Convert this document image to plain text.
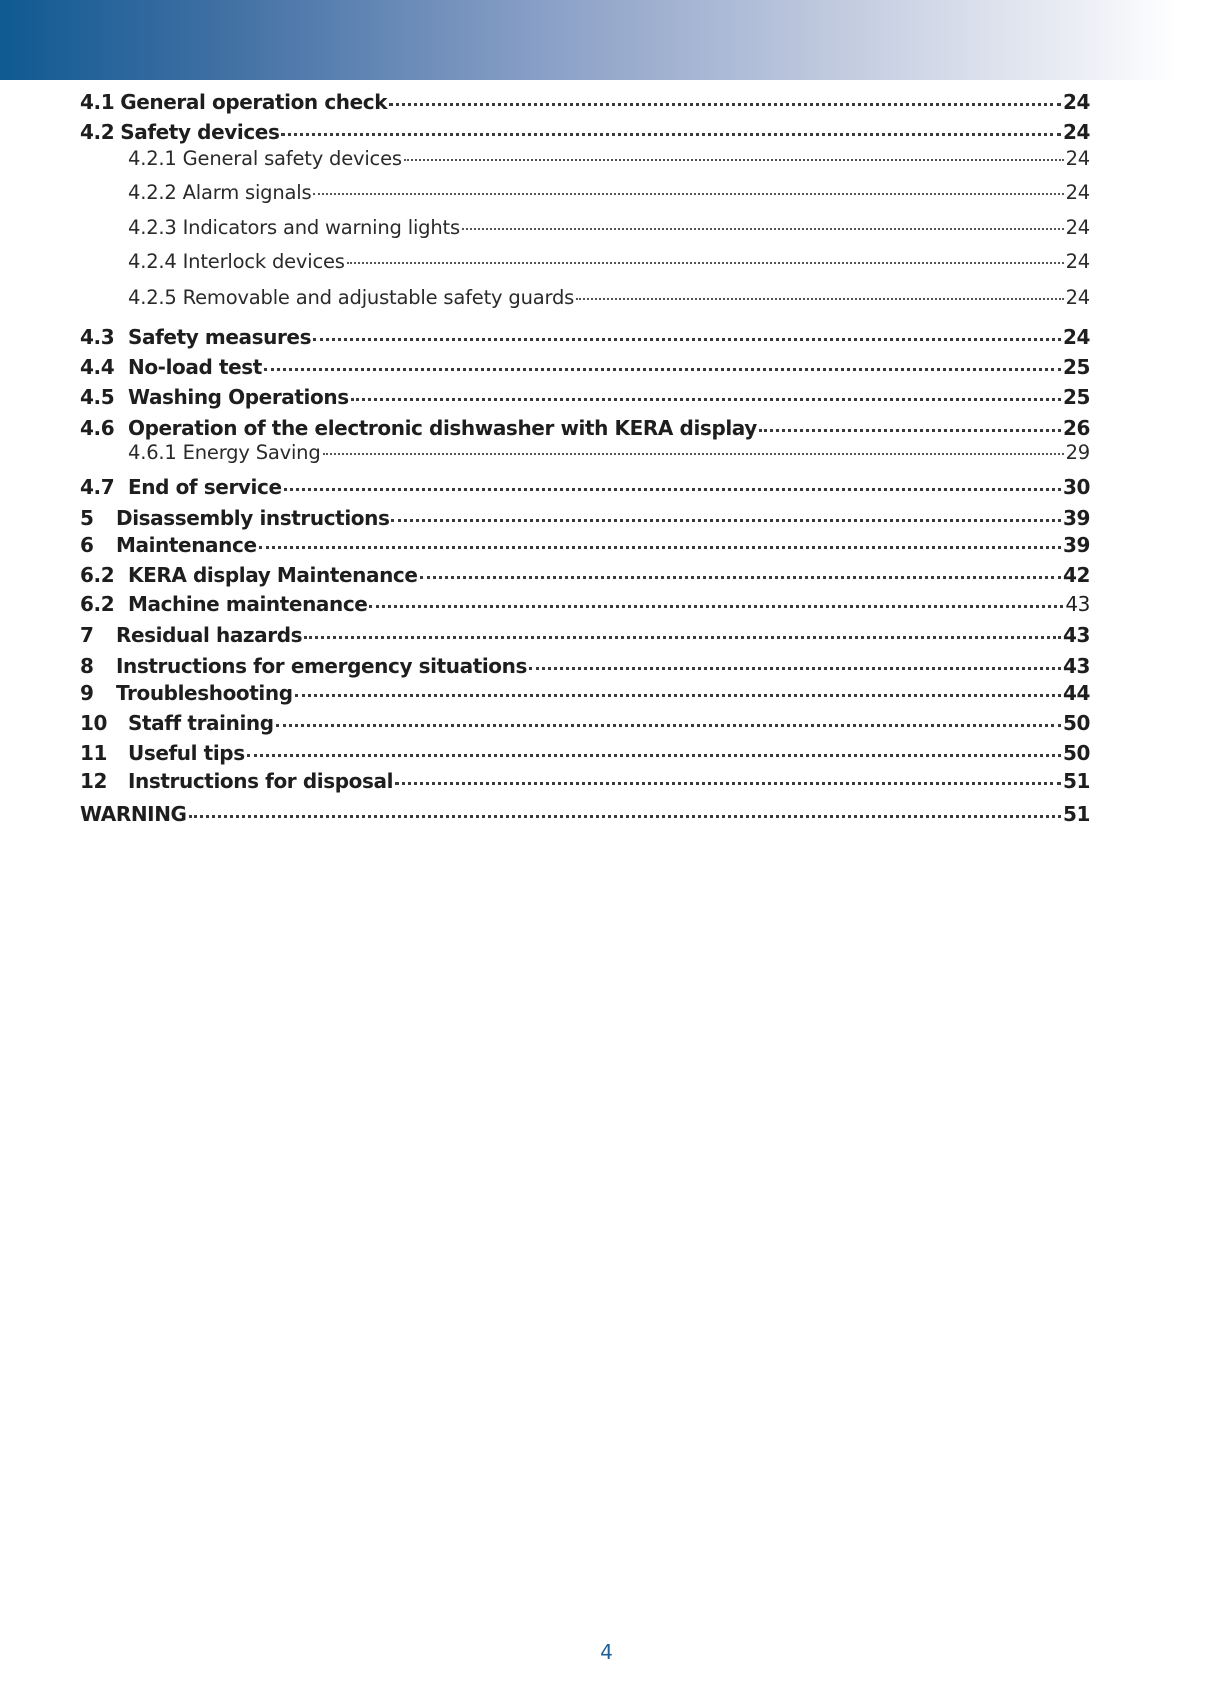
4.1 General operation check	24
4.2 Safety devices	24
4.2.1 General safety devices	24
4.2.2 Alarm signals	24
4.2.3 Indicators and warning lights	24
4.2.4 Interlock devices	24
4.2.5 Removable and adjustable safety guards	24
4.3 Safety measures	24
4.4 No-load test	25
4.5 Washing Operations	25
4.6 Operation of the electronic dishwasher with KERA display	26
4.6.1 Energy Saving	29
4.7 End of service	30
5	Disassembly instructions	39
6	Maintenance	39
6.2 KERA display Maintenance	42
6.2 Machine maintenance	43
7	Residual hazards	43
8	Instructions for emergency situations	43
9	Troubleshooting	44
10	Staff training	50
11	Useful tips	50
12	Instructions for disposal	51
WARNING	51
4
